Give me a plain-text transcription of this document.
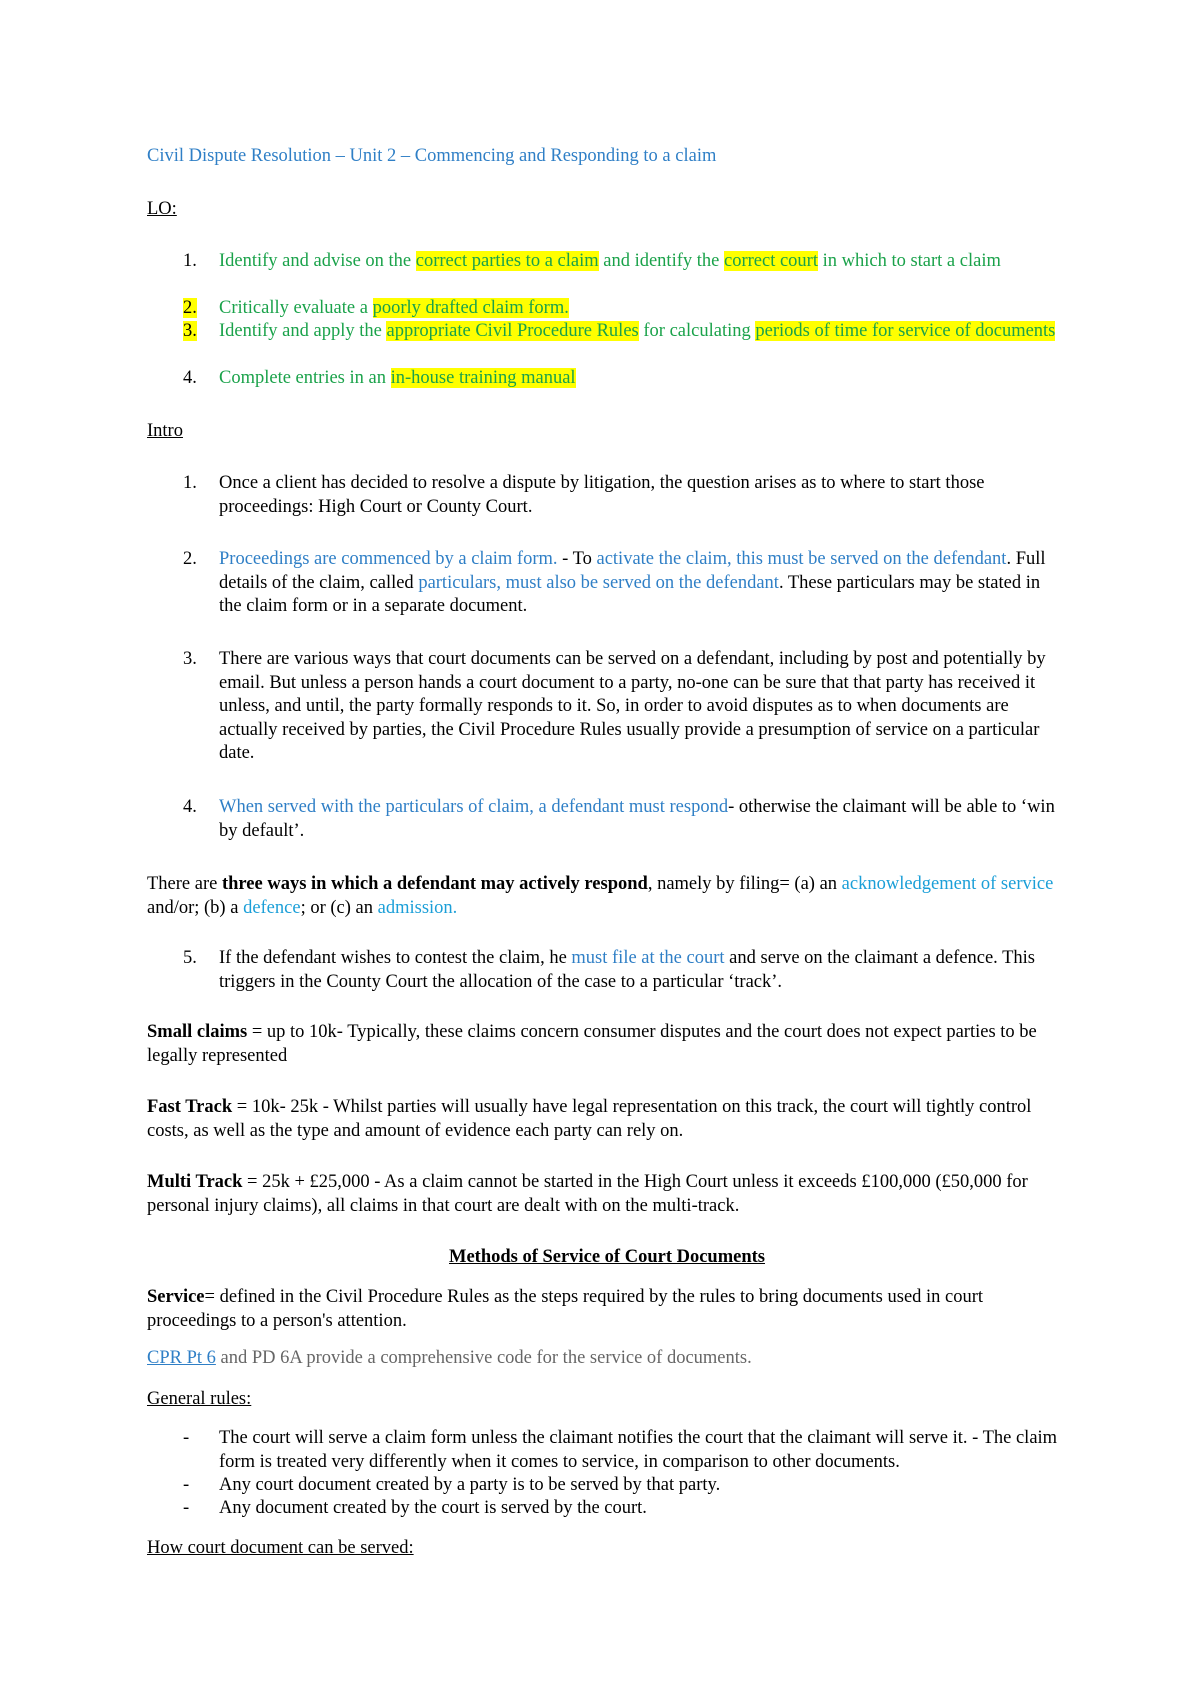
Civil Dispute Resolution – Unit 2 – Commencing and Responding to a claim
LO:
1. Identify and advise on the correct parties to a claim and identify the correct court in which to start a claim
2. Critically evaluate a poorly drafted claim form.
3. Identify and apply the appropriate Civil Procedure Rules for calculating periods of time for service of documents
4. Complete entries in an in-house training manual
Intro
1. Once a client has decided to resolve a dispute by litigation, the question arises as to where to start those proceedings: High Court or County Court.
2. Proceedings are commenced by a claim form. - To activate the claim, this must be served on the defendant. Full details of the claim, called particulars, must also be served on the defendant. These particulars may be stated in the claim form or in a separate document.
3. There are various ways that court documents can be served on a defendant, including by post and potentially by email. But unless a person hands a court document to a party, no-one can be sure that that party has received it unless, and until, the party formally responds to it. So, in order to avoid disputes as to when documents are actually received by parties, the Civil Procedure Rules usually provide a presumption of service on a particular date.
4. When served with the particulars of claim, a defendant must respond- otherwise the claimant will be able to ‘win by default’.
There are three ways in which a defendant may actively respond, namely by filing= (a) an acknowledgement of service and/or; (b) a defence; or (c) an admission.
5. If the defendant wishes to contest the claim, he must file at the court and serve on the claimant a defence. This triggers in the County Court the allocation of the case to a particular ‘track’.
Small claims = up to 10k- Typically, these claims concern consumer disputes and the court does not expect parties to be legally represented
Fast Track = 10k- 25k - Whilst parties will usually have legal representation on this track, the court will tightly control costs, as well as the type and amount of evidence each party can rely on.
Multi Track = 25k + £25,000 - As a claim cannot be started in the High Court unless it exceeds £100,000 (£50,000 for personal injury claims), all claims in that court are dealt with on the multi-track.
Methods of Service of Court Documents
Service= defined in the Civil Procedure Rules as the steps required by the rules to bring documents used in court proceedings to a person's attention.
CPR Pt 6 and PD 6A provide a comprehensive code for the service of documents.
General rules:
- The court will serve a claim form unless the claimant notifies the court that the claimant will serve it. - The claim form is treated very differently when it comes to service, in comparison to other documents.
- Any court document created by a party is to be served by that party.
- Any document created by the court is served by the court.
How court document can be served:
